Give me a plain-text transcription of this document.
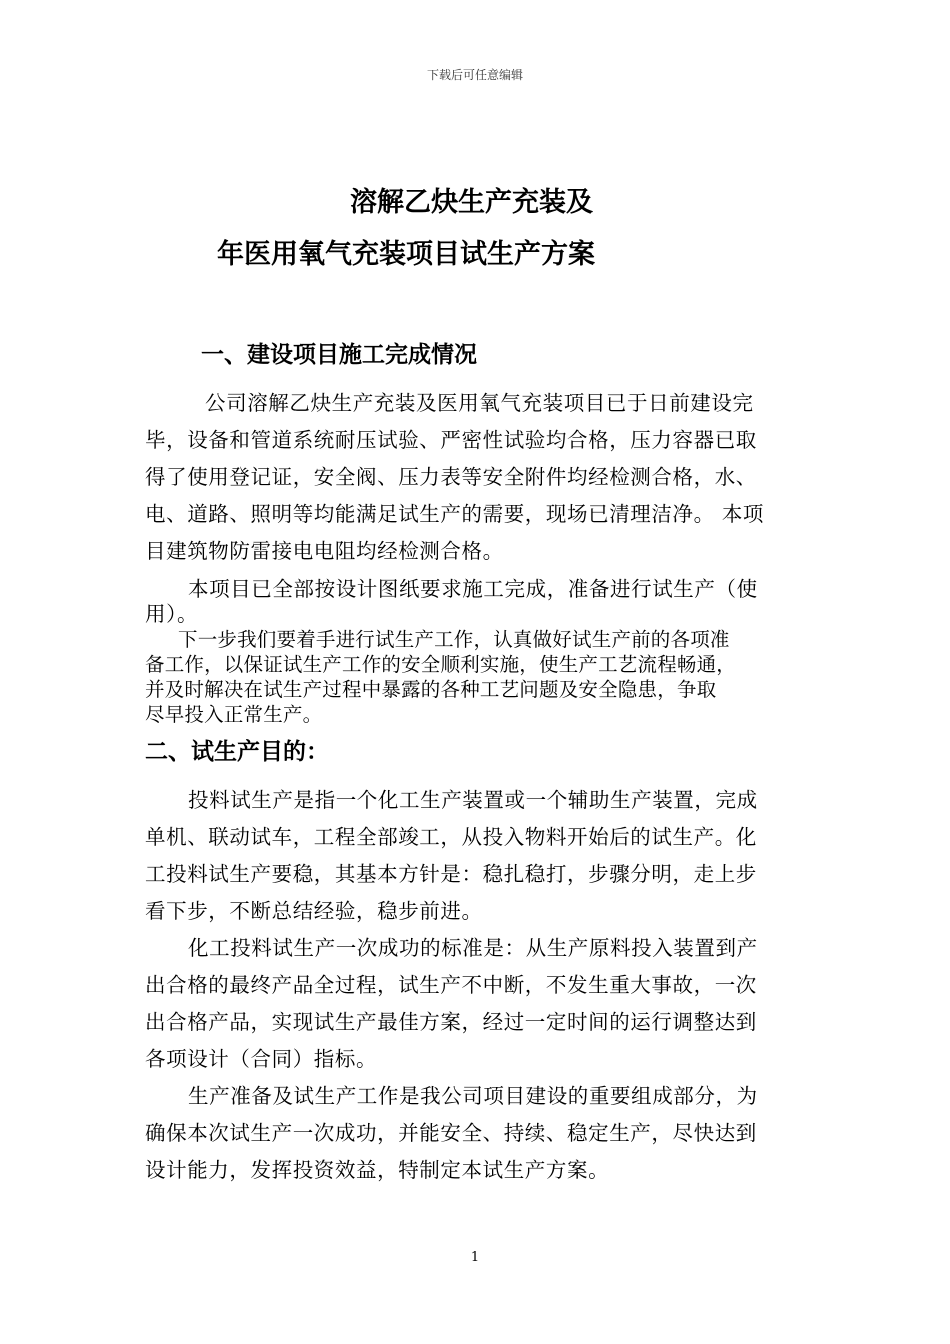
下载后可任意编辑
溶解乙炔生产充装及
年医用氧气充装项目试生产方案
一、建设项目施工完成情况
公司溶解乙炔生产充装及医用氧气充装项目已于日前建设完
毕，设备和管道系统耐压试验、严密性试验均合格，压力容器已取
得了使用登记证，安全阀、压力表等安全附件均经检测合格，水、
电、道路、照明等均能满足试生产的需要，现场已清理洁净。 本项
目建筑物防雷接电电阻均经检测合格。
本项目已全部按设计图纸要求施工完成，准备进行试生产（使
用）。
下一步我们要着手进行试生产工作，认真做好试生产前的各项准
备工作，以保证试生产工作的安全顺利实施，使生产工艺流程畅通，
并及时解决在试生产过程中暴露的各种工艺问题及安全隐患，争取
尽早投入正常生产。
二、试生产目的：
投料试生产是指一个化工生产装置或一个辅助生产装置，完成
单机、联动试车，工程全部竣工，从投入物料开始后的试生产。化
工投料试生产要稳，其基本方针是：稳扎稳打，步骤分明，走上步
看下步，不断总结经验，稳步前进。
化工投料试生产一次成功的标准是：从生产原料投入装置到产
出合格的最终产品全过程，试生产不中断，不发生重大事故，一次
出合格产品，实现试生产最佳方案，经过一定时间的运行调整达到
各项设计（合同）指标。
生产准备及试生产工作是我公司项目建设的重要组成部分，为
确保本次试生产一次成功，并能安全、持续、稳定生产，尽快达到
设计能力，发挥投资效益，特制定本试生产方案。
1
